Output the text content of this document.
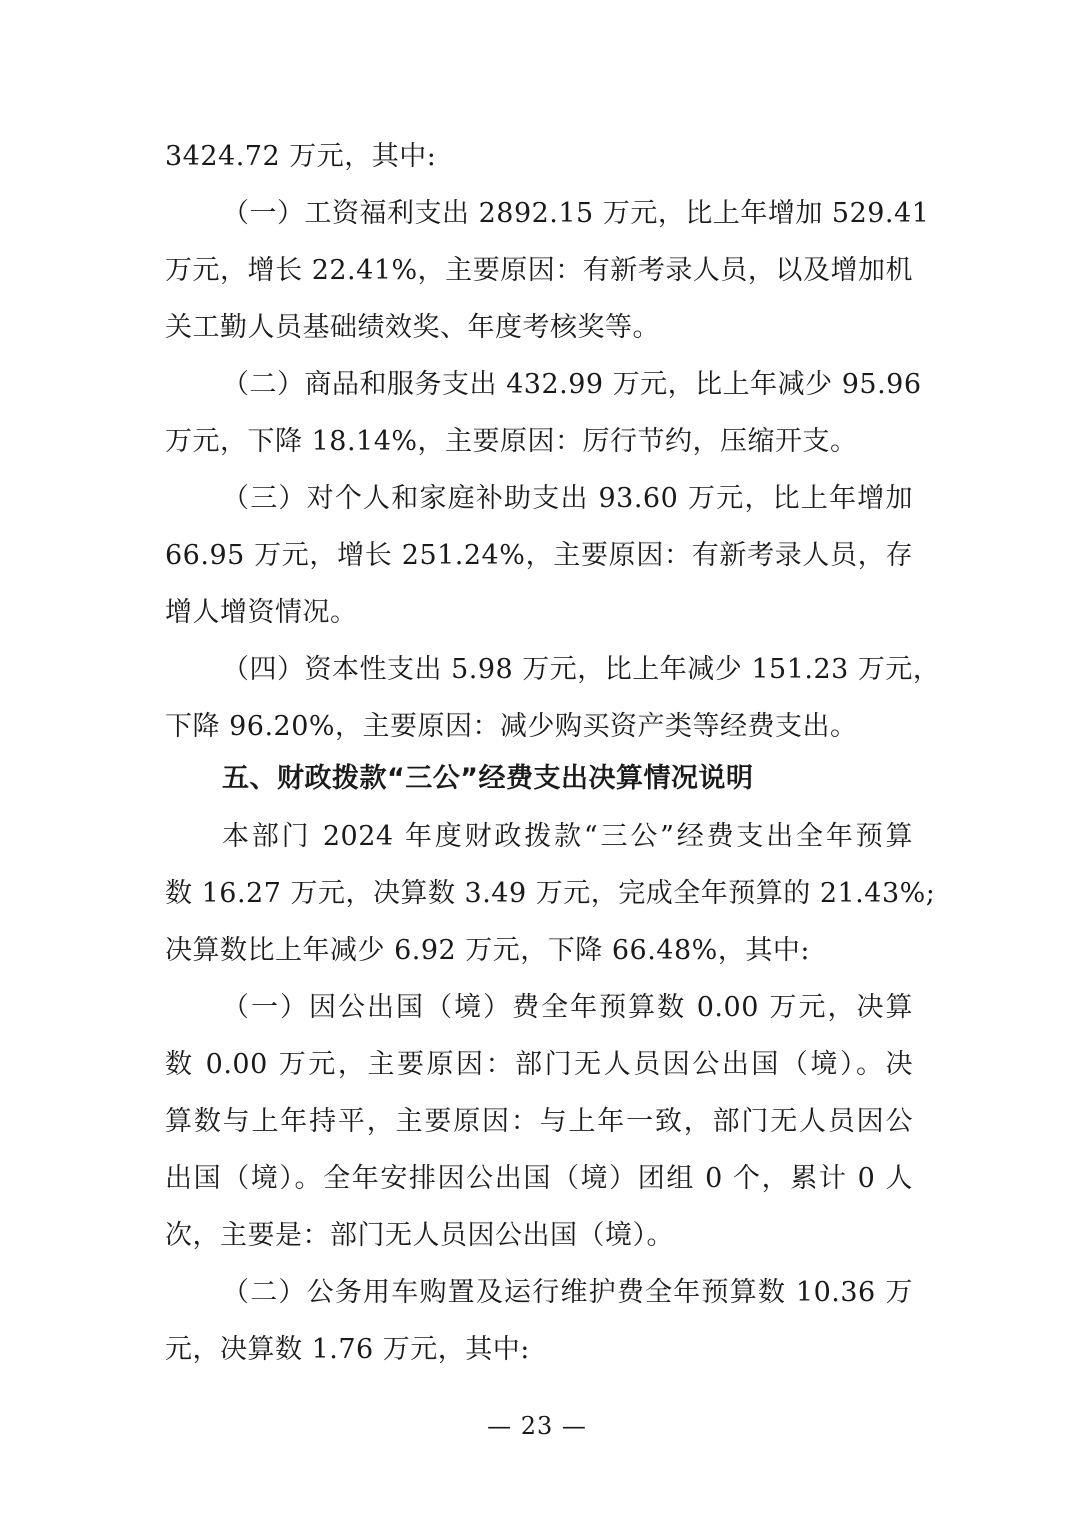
3424.72 万元，其中:
（一）工资福利支出 2892.15 万元，比上年增加 529.41
万元，增长 22.41%，主要原因：有新考录人员，以及增加机
关工勤人员基础绩效奖、年度考核奖等。
（二）商品和服务支出 432.99 万元，比上年减少 95.96
万元，下降 18.14%，主要原因：厉行节约，压缩开支。
（三）对个人和家庭补助支出 93.60 万元，比上年增加
66.95 万元，增长 251.24%，主要原因：有新考录人员，存
增人增资情况。
（四）资本性支出 5.98 万元，比上年减少 151.23 万元，
下降 96.20%，主要原因：减少购买资产类等经费支出。
五、财政拨款“三公”经费支出决算情况说明
本部门 2024 年度财政拨款“三公”经费支出全年预算
数 16.27 万元，决算数 3.49 万元，完成全年预算的 21.43%;
决算数比上年减少 6.92 万元，下降 66.48%，其中:
（一）因公出国（境）费全年预算数 0.00 万元，决算
数 0.00 万元，主要原因：部门无人员因公出国（境）。决
算数与上年持平，主要原因：与上年一致，部门无人员因公
出国（境）。全年安排因公出国（境）团组 0 个，累计 0 人
次，主要是：部门无人员因公出国（境）。
（二）公务用车购置及运行维护费全年预算数 10.36 万
元，决算数 1.76 万元，其中:
— 23 —
